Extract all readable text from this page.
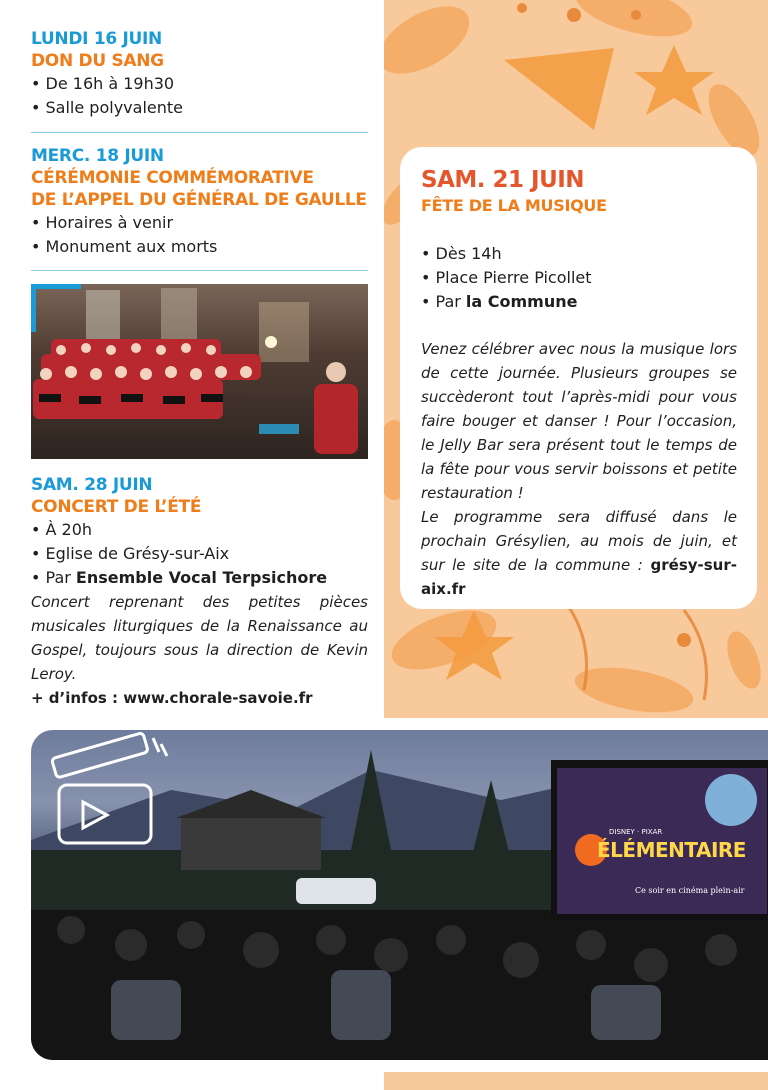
LUNDI 16 JUIN
DON DU SANG
• De 16h à 19h30
• Salle polyvalente
MERC. 18 JUIN
CÉRÉMONIE COMMÉMORATIVE
DE L’APPEL DU GÉNÉRAL DE GAULLE
• Horaires à venir
• Monument aux morts
SAM. 28 JUIN
CONCERT DE L’ÉTÉ
• À 20h
• Eglise de Grésy-sur-Aix
• Par Ensemble Vocal Terpsichore
Concert reprenant des petites pièces musicales liturgiques de la Renaissance au Gospel, toujours sous la direction de Kevin Leroy.
+ d’infos : www.chorale-savoie.fr
SAM. 21 JUIN
FÊTE DE LA MUSIQUE
• Dès 14h
• Place Pierre Picollet
• Par la Commune
Venez célébrer avec nous la musique lors de cette journée. Plusieurs groupes se succèderont tout l’après-midi pour vous faire bouger et danser ! Pour l’occasion, le Jelly Bar sera présent tout le temps de la fête pour vous servir boissons et petite restauration !
Le programme sera diffusé dans le prochain Grésylien, au mois de juin, et sur le site de la commune : grésy-sur-aix.fr
DISNEY · PIXAR
ÉLÉMENTAIRE
Ce soir en cinéma plein-air
